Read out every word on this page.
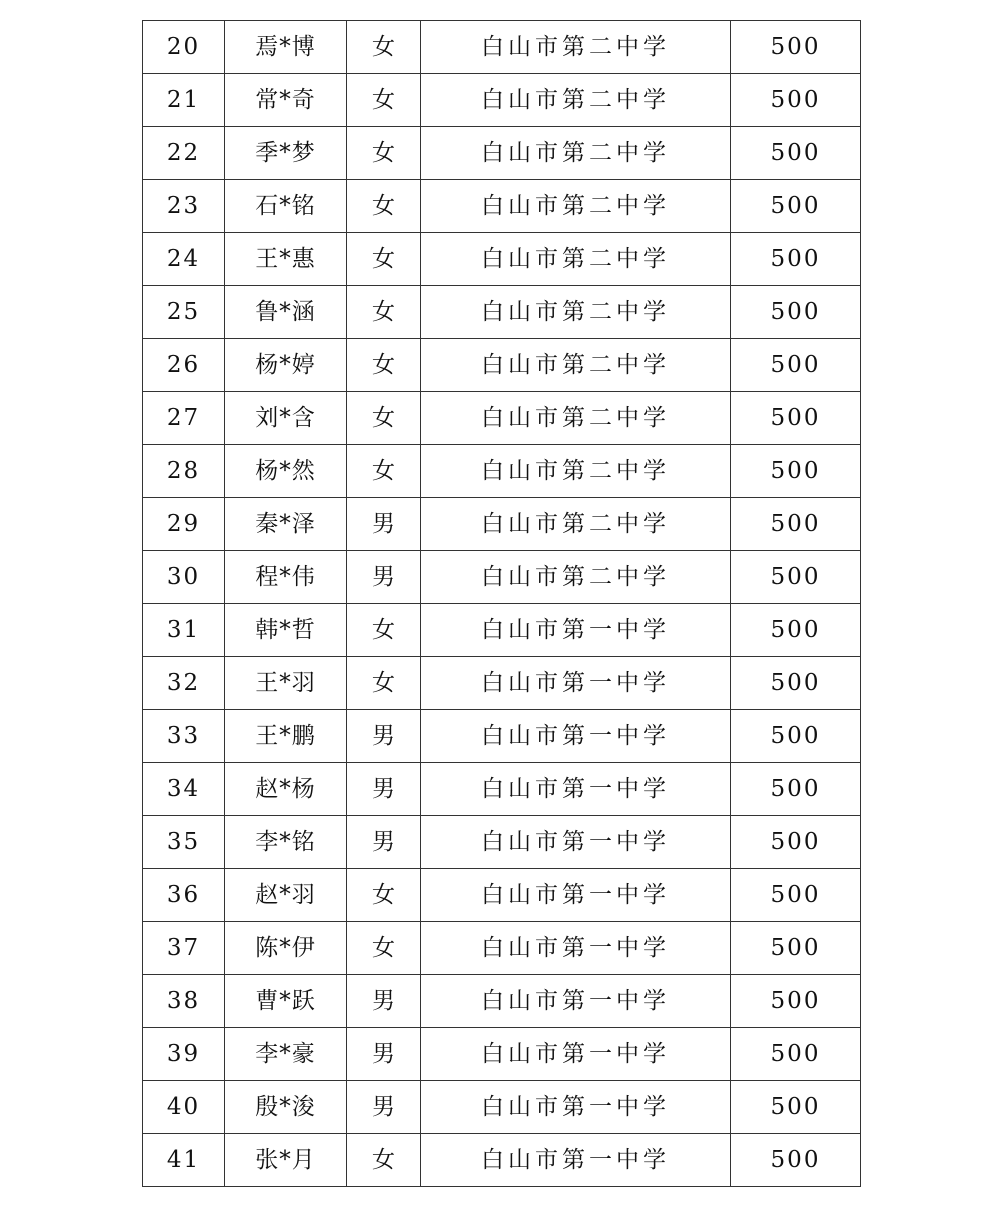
20	焉*博	女	白山市第二中学	500
21	常*奇	女	白山市第二中学	500
22	季*梦	女	白山市第二中学	500
23	石*铭	女	白山市第二中学	500
24	王*惠	女	白山市第二中学	500
25	鲁*涵	女	白山市第二中学	500
26	杨*婷	女	白山市第二中学	500
27	刘*含	女	白山市第二中学	500
28	杨*然	女	白山市第二中学	500
29	秦*泽	男	白山市第二中学	500
30	程*伟	男	白山市第二中学	500
31	韩*哲	女	白山市第一中学	500
32	王*羽	女	白山市第一中学	500
33	王*鹏	男	白山市第一中学	500
34	赵*杨	男	白山市第一中学	500
35	李*铭	男	白山市第一中学	500
36	赵*羽	女	白山市第一中学	500
37	陈*伊	女	白山市第一中学	500
38	曹*跃	男	白山市第一中学	500
39	李*豪	男	白山市第一中学	500
40	殷*浚	男	白山市第一中学	500
41	张*月	女	白山市第一中学	500
